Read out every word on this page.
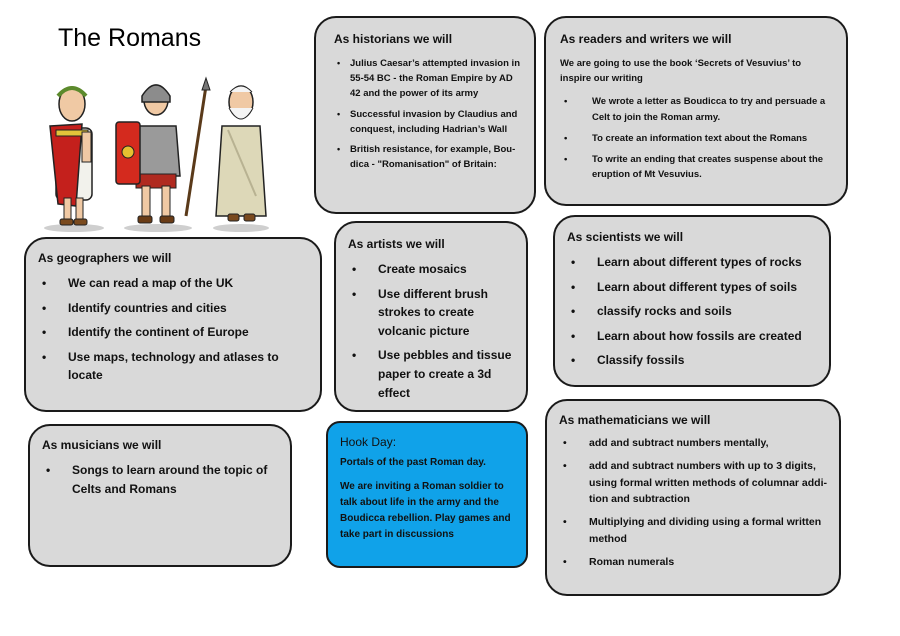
The Romans	As historians we will
• Julius Caesar’s attempted invasion in 55-54 BC - the Roman Empire by AD 42 and the power of its army
• Successful invasion by Claudius and conquest, including Hadrian’s Wall
• British resistance, for example, Bou-dica - "Romanisation" of Britain:
As readers and writers we will

We are going to use the book ‘Secrets of Vesuvius’ to inspire our writing

• We wrote a letter as Boudicca to try and persuade a Celt to join the Roman army.
• To create an information text about the Romans
• To write an ending that creates suspense about the eruption of Mt Vesuvius.
As geographers we will
• We can read a map of the UK
• Identify countries and cities
• Identify the continent of Europe
• Use maps, technology and atlases to locate
As artists we will
• Create mosaics
• Use different brush strokes to create volcanic picture
• Use pebbles and tissue paper to create a 3d effect
As scientists we will
• Learn about different types of rocks
• Learn about different types of soils
• classify rocks and soils
• Learn about how fossils are created
• Classify fossils
As musicians we will
• Songs to learn around the topic of Celts and Romans
Hook Day:

Portals of the past Roman day.

We are inviting a Roman soldier to talk about life in the army and the Boudicca rebellion. Play games and take part in discussions

As mathematicians we will
• add and subtract numbers mentally,
• add and subtract numbers with up to 3 digits, using formal written methods of columnar addi-tion and subtraction
• Multiplying and dividing using a formal written method
• Roman numerals
